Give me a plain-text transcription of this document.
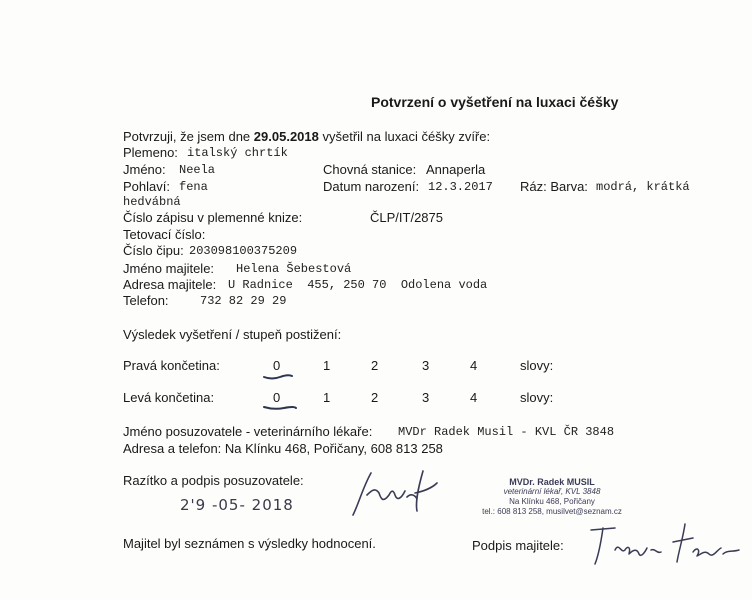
Potvrzení o vyšetření na luxaci čéšky
Potvrzuji, že jsem dne 29.05.2018 vyšetřil na luxaci čéšky zvíře:
Plemeno: italský chrtík
Jméno: Neela	Chovná stanice: Annaperla
Pohlaví: fena	Datum narození: 12.3.2017 Ráz: Barva: modrá, krátká
hedvábná
Číslo zápisu v plemenné knize:	ČLP/IT/2875
Tetovací číslo:
Číslo čipu: 203098100375209
Jméno majitele: Helena Šebestová
Adresa majitele: U Radnice  455, 250 70  Odolena voda
Telefon:	732 82 29 29
Výsledek vyšetření / stupeň postižení:
Pravá končetina:	0	1	2	3	4	slovy:
Levá končetina:	0	1	2	3	4	slovy:
Jméno posuzovatele - veterinárního lékaře: MVDr Radek Musil - KVL ČR 3848
Adresa a telefon: Na Klínku 468, Pořičany, 608 813 258
Razítko a podpis posuzovatele:
2'9 -05- 2018
MVDr. Radek MUSIL
veterinární lékař, KVL 3848
Na Klínku 468, Pořičany
tel.: 608 813 258, musilvet@seznam.cz
Majitel byl seznámen s výsledky hodnocení.	Podpis majitele:
